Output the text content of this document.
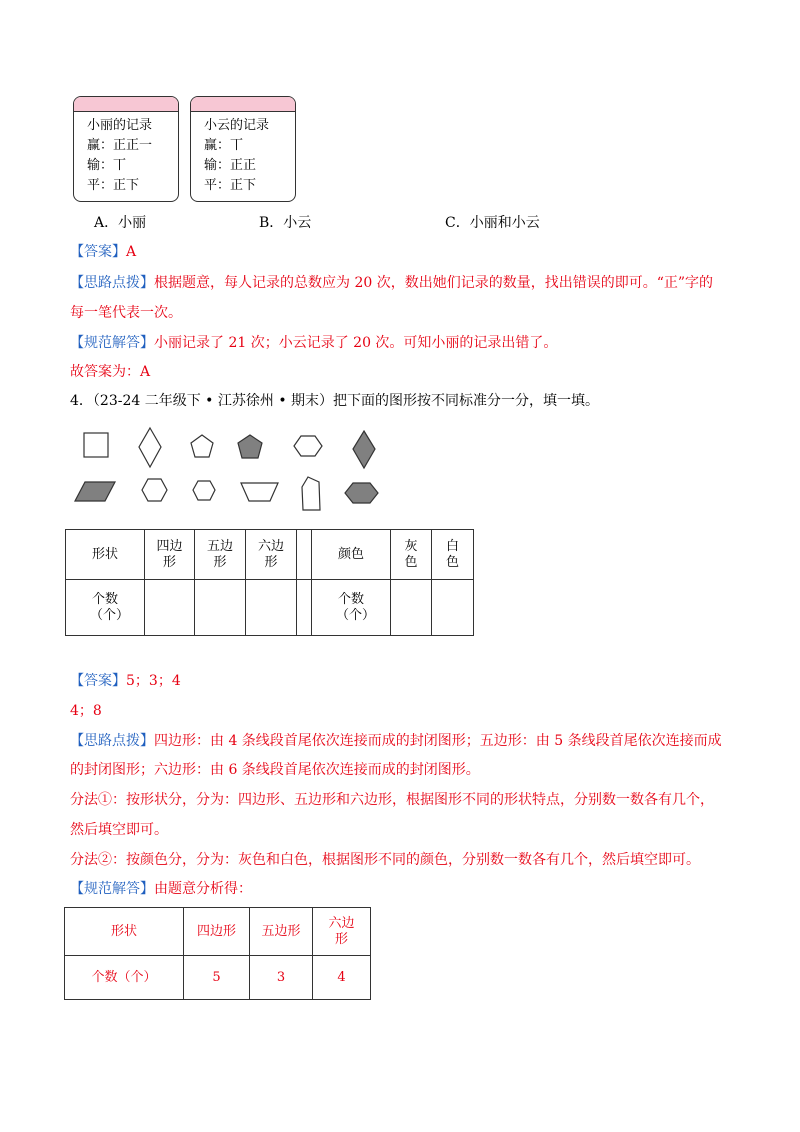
小丽的记录
赢：正正一
输：丅
平：正下
小云的记录
赢：丅
输：正正
平：正下
A．小丽	B．小云	C．小丽和小云
【答案】A
【思路点拨】根据题意，每人记录的总数应为 20 次，数出她们记录的数量，找出错误的即可。“正”字的
每一笔代表一次。
【规范解答】小丽记录了 21 次；小云记录了 20 次。可知小丽的记录出错了。
故答案为：A
4．（23-24 二年级下 • 江苏徐州 • 期末）把下面的图形按不同标准分一分，填一填。
形状	四边形	五边形	六边形		颜色	灰色	白色

个数（个）					个数（个）		

【答案】5；3；4
4；8
【思路点拨】四边形：由 4 条线段首尾依次连接而成的封闭图形；五边形：由 5 条线段首尾依次连接而成
的封闭图形；六边形：由 6 条线段首尾依次连接而成的封闭图形。
分法①：按形状分，分为：四边形、五边形和六边形，根据图形不同的形状特点，分别数一数各有几个，
然后填空即可。
分法②：按颜色分，分为：灰色和白色，根据图形不同的颜色，分别数一数各有几个，然后填空即可。
【规范解答】由题意分析得：
形状	四边形	五边形	六边形

个数（个）	5	3	4
